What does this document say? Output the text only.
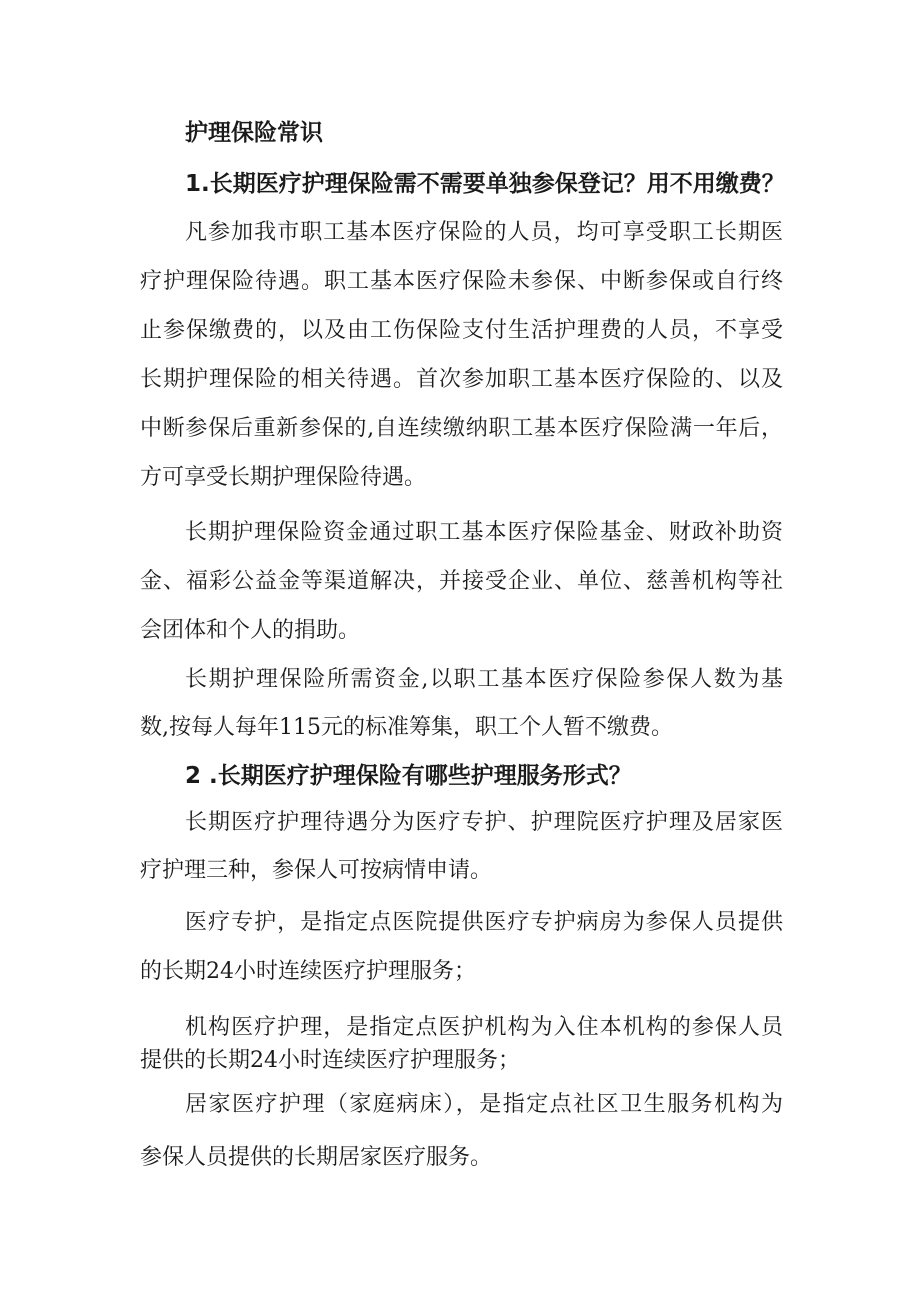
护理保险常识
1.长期医疗护理保险需不需要单独参保登记？用不用缴费？

凡参加我市职工基本医疗保险的人员，均可享受职工长期医

疗护理保险待遇。职工基本医疗保险未参保、中断参保或自行终

止参保缴费的，以及由工伤保险支付生活护理费的人员，不享受

长期护理保险的相关待遇。首次参加职工基本医疗保险的、以及

中断参保后重新参保的,自连续缴纳职工基本医疗保险满一年后，

方可享受长期护理保险待遇。

长期护理保险资金通过职工基本医疗保险基金、财政补助资

金、福彩公益金等渠道解决，并接受企业、单位、慈善机构等社

会团体和个人的捐助。

长期护理保险所需资金,以职工基本医疗保险参保人数为基

数,按每人每年115元的标准筹集，职工个人暂不缴费。

2 .长期医疗护理保险有哪些护理服务形式？

长期医疗护理待遇分为医疗专护、护理院医疗护理及居家医

疗护理三种，参保人可按病情申请。

医疗专护，是指定点医院提供医疗专护病房为参保人员提供

的长期24小时连续医疗护理服务；

机构医疗护理，是指定点医护机构为入住本机构的参保人员

提供的长期24小时连续医疗护理服务；

居家医疗护理（家庭病床），是指定点社区卫生服务机构为

参保人员提供的长期居家医疗服务。
